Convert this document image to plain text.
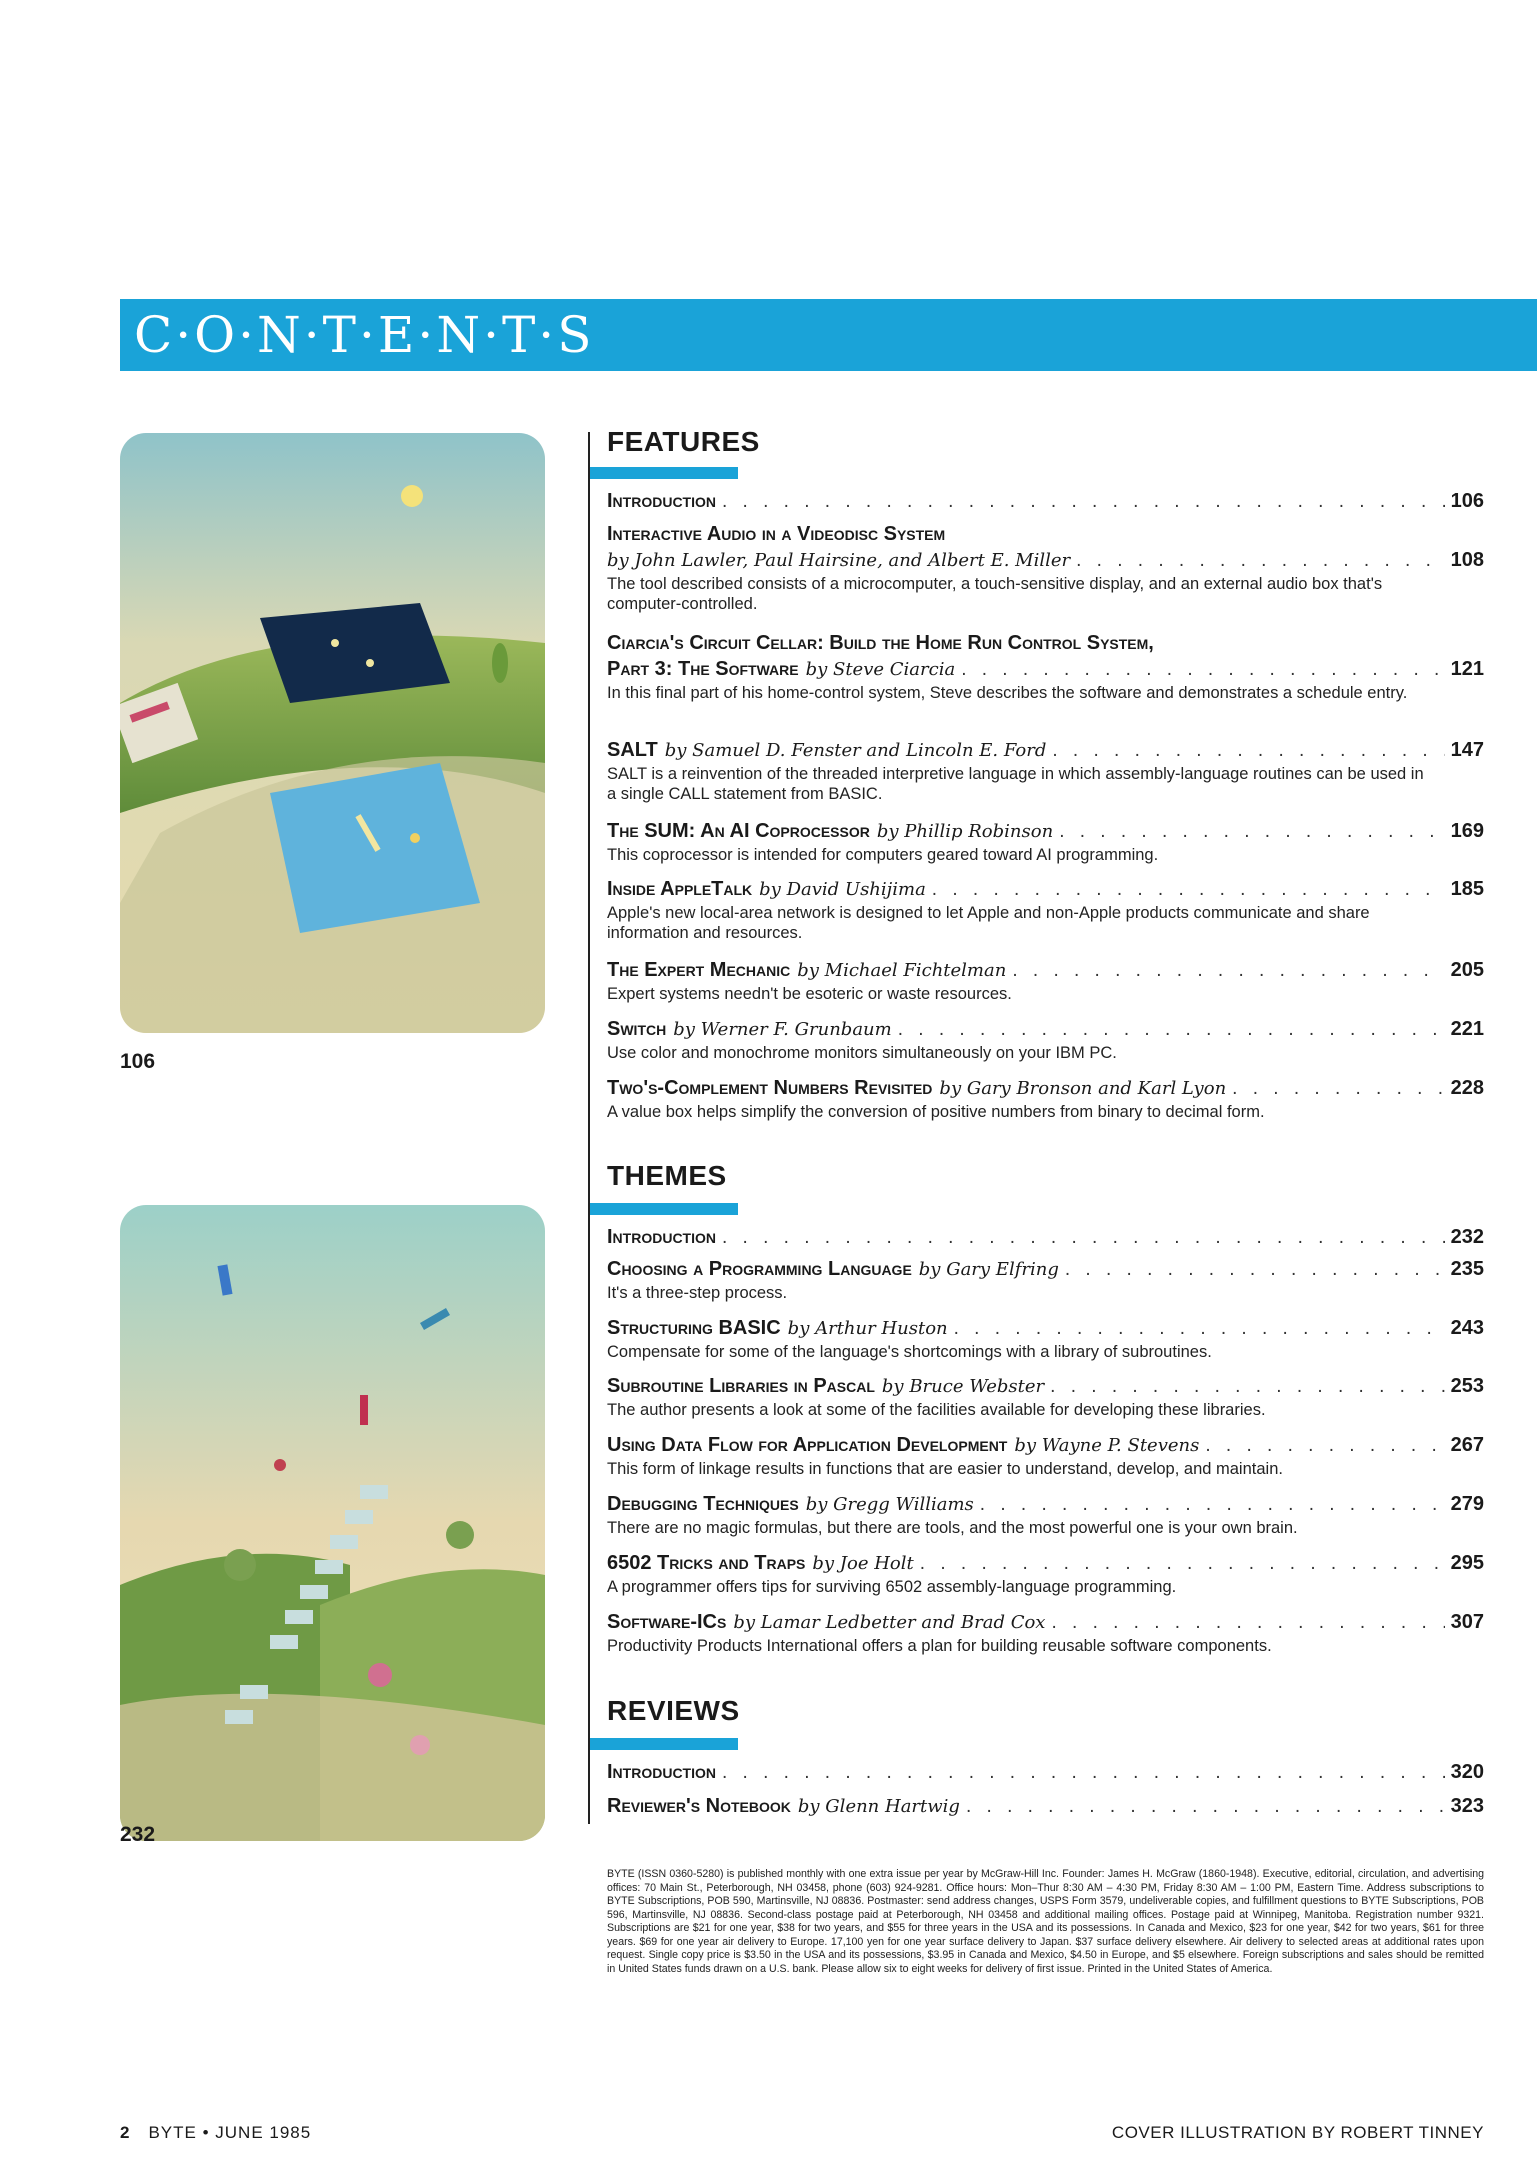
C·O·N·T·E·N·T·S
106
232
FEATURES
Introduction . . .	106
Interactive Audio in a Videodisc System
by John Lawler, Paul Hairsine, and Albert E. Miller . . .	108
The tool described consists of a microcomputer, a touch-sensitive display, and an external audio box that's computer-controlled.
Ciarcia's Circuit Cellar: Build the Home Run Control System,
Part 3: The Software by Steve Ciarcia . . .	121
In this final part of his home-control system, Steve describes the software and demonstrates a schedule entry.
SALT by Samuel D. Fenster and Lincoln E. Ford . . .	147
SALT is a reinvention of the threaded interpretive language in which assembly-language routines can be used in a single CALL statement from BASIC.
The SUM: An AI Coprocessor by Phillip Robinson . . .	169
This coprocessor is intended for computers geared toward AI programming.
Inside AppleTalk by David Ushijima . . .	185
Apple's new local-area network is designed to let Apple and non-Apple products communicate and share information and resources.
The Expert Mechanic by Michael Fichtelman . . .	205
Expert systems needn't be esoteric or waste resources.
Switch by Werner F. Grunbaum . . .	221
Use color and monochrome monitors simultaneously on your IBM PC.
Two's-Complement Numbers Revisited by Gary Bronson and Karl Lyon . . .	228
A value box helps simplify the conversion of positive numbers from binary to decimal form.
THEMES
Introduction . . .	232
Choosing a Programming Language by Gary Elfring . . .	235
It's a three-step process.
Structuring BASIC by Arthur Huston . . .	243
Compensate for some of the language's shortcomings with a library of subroutines.
Subroutine Libraries in Pascal by Bruce Webster . . .	253
The author presents a look at some of the facilities available for developing these libraries.
Using Data Flow for Application Development by Wayne P. Stevens . . .	267
This form of linkage results in functions that are easier to understand, develop, and maintain.
Debugging Techniques by Gregg Williams . . .	279
There are no magic formulas, but there are tools, and the most powerful one is your own brain.
6502 Tricks and Traps by Joe Holt . . .	295
A programmer offers tips for surviving 6502 assembly-language programming.
Software-ICs by Lamar Ledbetter and Brad Cox . . .	307
Productivity Products International offers a plan for building reusable software components.
REVIEWS
Introduction . . .	320
Reviewer's Notebook by Glenn Hartwig . . .	323
BYTE (ISSN 0360-5280) is published monthly with one extra issue per year by McGraw-Hill Inc. Founder: James H. McGraw (1860-1948). Executive, editorial, circulation, and advertising offices: 70 Main St., Peterborough, NH 03458, phone (603) 924-9281. Office hours: Mon–Thur 8:30 AM – 4:30 PM, Friday 8:30 AM – 1:00 PM, Eastern Time. Address subscriptions to BYTE Subscriptions, POB 590, Martinsville, NJ 08836. Postmaster: send address changes, USPS Form 3579, undeliverable copies, and fulfillment questions to BYTE Subscriptions, POB 596, Martinsville, NJ 08836. Second-class postage paid at Peterborough, NH 03458 and additional mailing offices. Postage paid at Winnipeg, Manitoba. Registration number 9321. Subscriptions are $21 for one year, $38 for two years, and $55 for three years in the USA and its possessions. In Canada and Mexico, $23 for one year, $42 for two years, $61 for three years. $69 for one year air delivery to Europe. 17,100 yen for one year surface delivery to Japan. $37 surface delivery elsewhere. Air delivery to selected areas at additional rates upon request. Single copy price is $3.50 in the USA and its possessions, $3.95 in Canada and Mexico, $4.50 in Europe, and $5 elsewhere. Foreign subscriptions and sales should be remitted in United States funds drawn on a U.S. bank. Please allow six to eight weeks for delivery of first issue. Printed in the United States of America.
2 BYTE • JUNE 1985	COVER ILLUSTRATION BY ROBERT TINNEY
